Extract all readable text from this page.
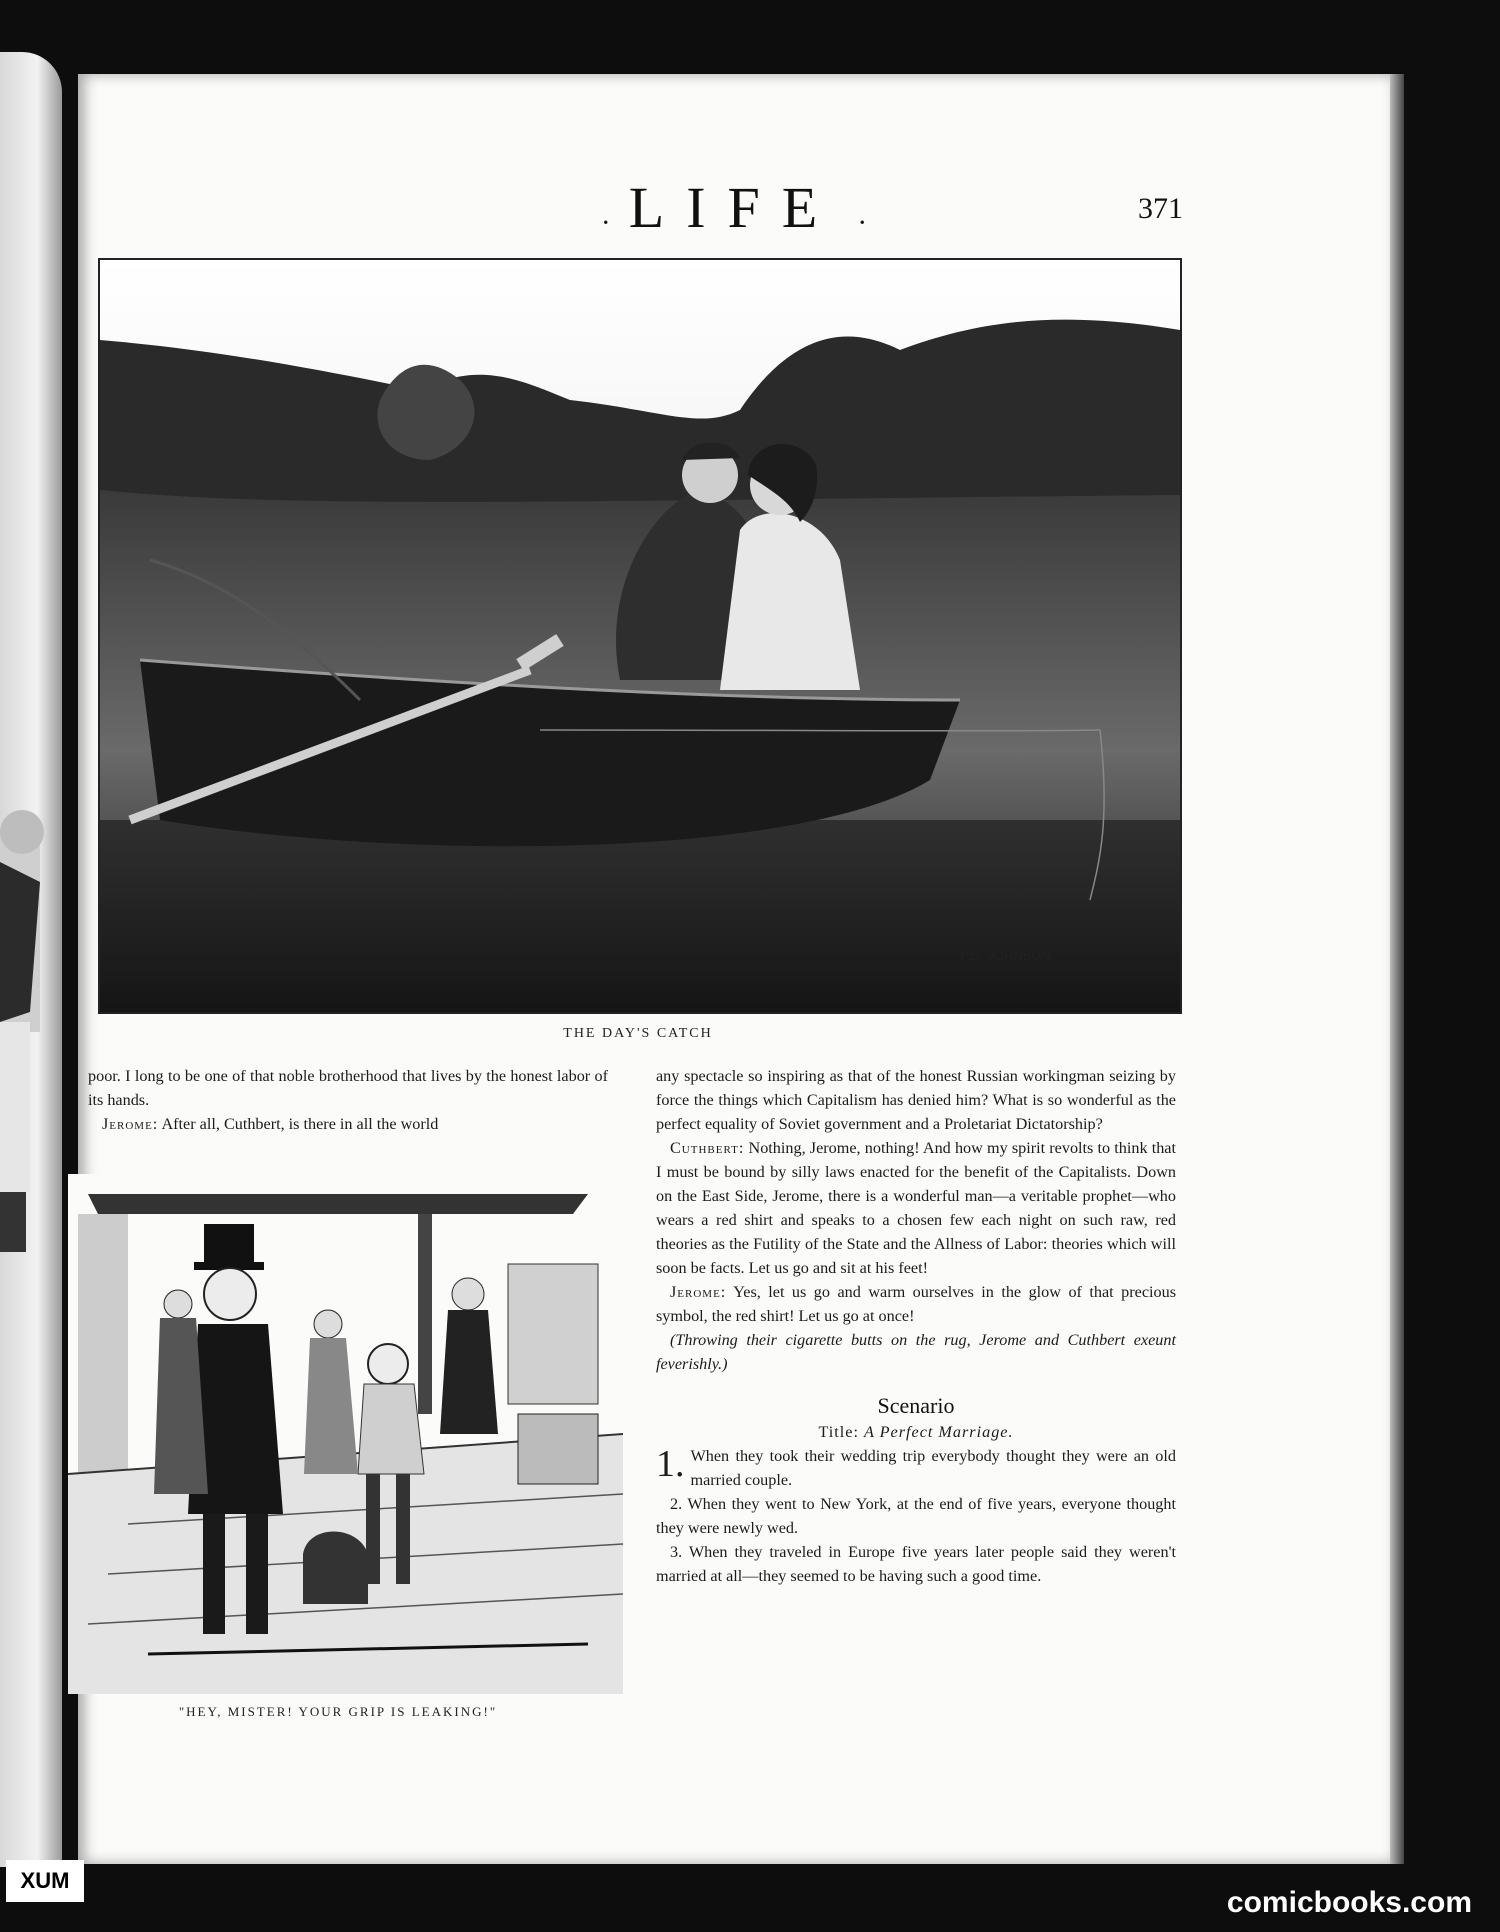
· LIFE ·	371
P.D. JOHNSON
THE DAY'S CATCH

poor. I long to be one of that noble brotherhood that lives by the honest labor of its hands.

Jerome: After all, Cuthbert, is there in all the world

"HEY, MISTER! YOUR GRIP IS LEAKING!"

any spectacle so inspiring as that of the honest Russian workingman seizing by force the things which Capitalism has denied him? What is so wonderful as the perfect equality of Soviet government and a Proletariat Dictatorship?

Cuthbert: Nothing, Jerome, nothing! And how my spirit revolts to think that I must be bound by silly laws enacted for the benefit of the Capitalists. Down on the East Side, Jerome, there is a wonderful man—a veritable prophet—who wears a red shirt and speaks to a chosen few each night on such raw, red theories as the Futility of the State and the Allness of Labor: theories which will soon be facts. Let us go and sit at his feet!

Jerome: Yes, let us go and warm ourselves in the glow of that precious symbol, the red shirt! Let us go at once!

(Throwing their cigarette butts on the rug, Jerome and Cuthbert exeunt feverishly.)

Scenario

Title: A Perfect Marriage.

1. When they took their wedding trip everybody thought they were an old married couple.

2. When they went to New York, at the end of five years, everyone thought they were newly wed.

3. When they traveled in Europe five years later people said they weren't married at all—they seemed to be having such a good time.

XUM
comicbooks.com
